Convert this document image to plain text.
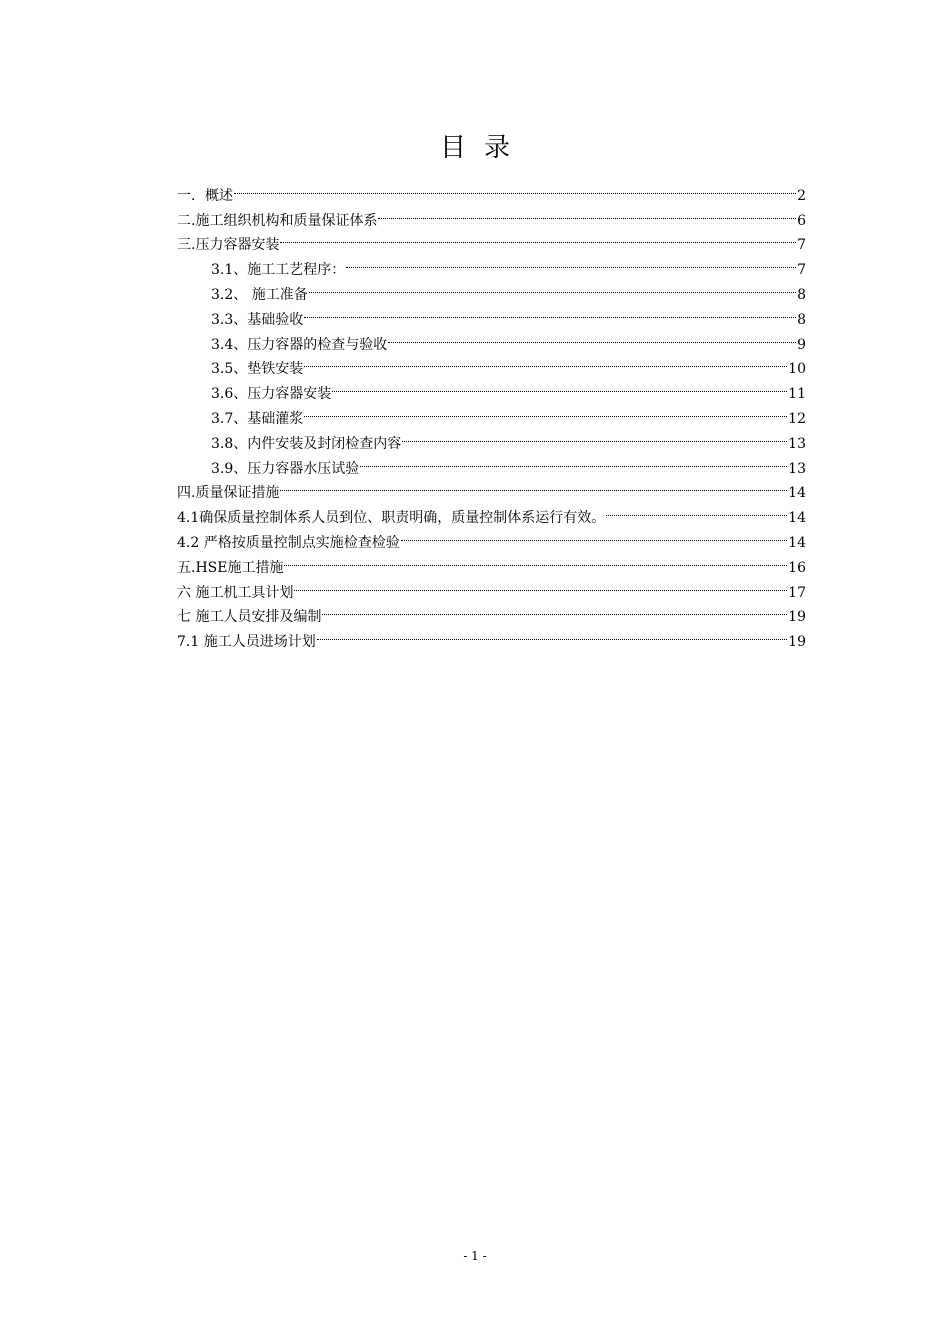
目录
一．概述	2
二.施工组织机构和质量保证体系	6
三.压力容器安装	7
3.1、施工工艺程序：	7
3.2、 施工准备	8
3.3、基础验收	8
3.4、压力容器的检查与验收	9
3.5、垫铁安装	10
3.6、压力容器安装	11
3.7、基础灌浆	12
3.8、内件安装及封闭检查内容	13
3.9、压力容器水压试验	13
四.质量保证措施	14
4.1确保质量控制体系人员到位、职责明确，质量控制体系运行有效。	14
4.2 严格按质量控制点实施检查检验	14
五.HSE施工措施	16
六 施工机工具计划	17
七 施工人员安排及编制	19
7.1 施工人员进场计划	19
- 1 -
